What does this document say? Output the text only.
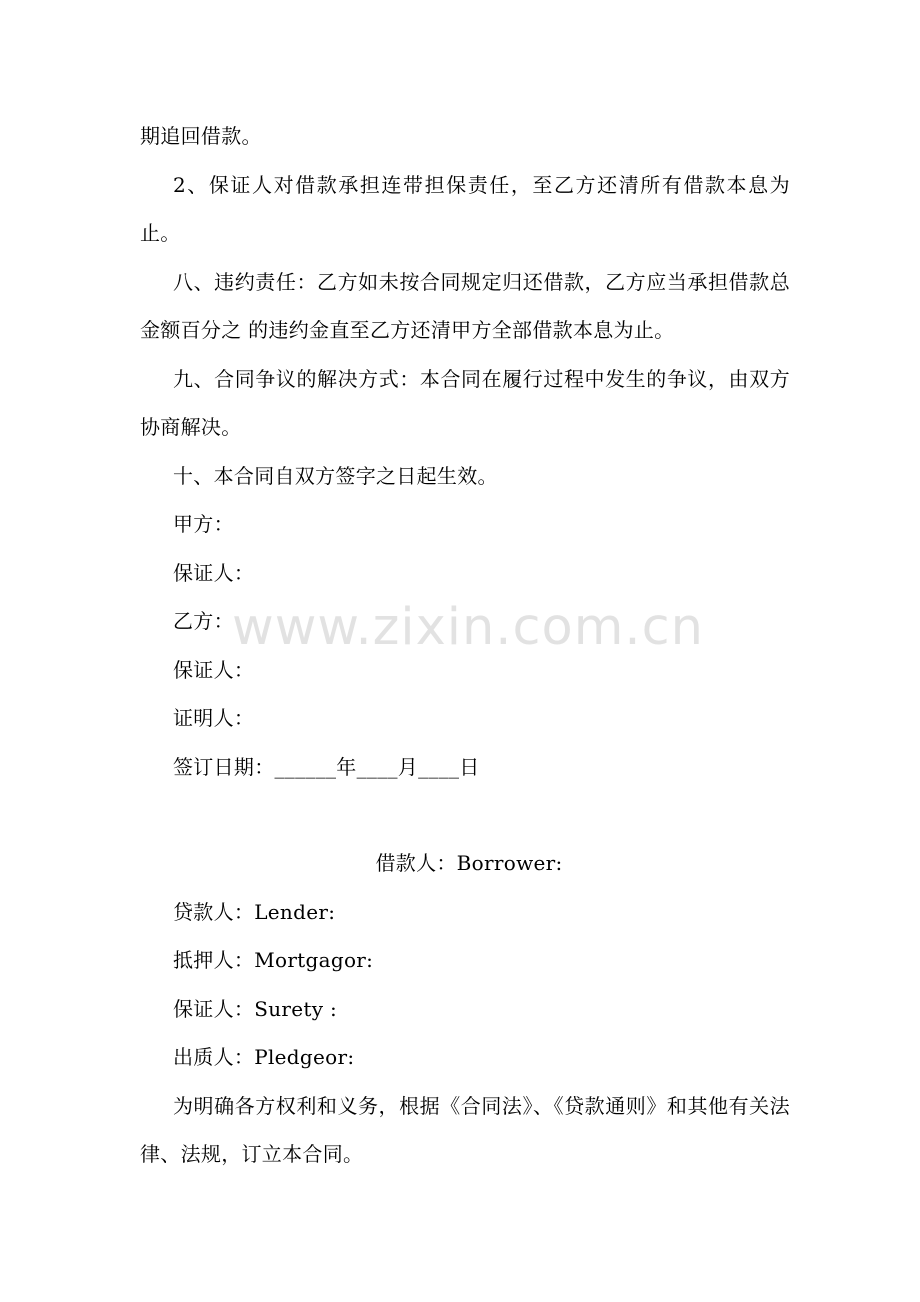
期追回借款。

2、保证人对借款承担连带担保责任，至乙方还清所有借款本息为止。

八、违约责任：乙方如未按合同规定归还借款，乙方应当承担借款总金额百分之 的违约金直至乙方还清甲方全部借款本息为止。

九、合同争议的解决方式：本合同在履行过程中发生的争议，由双方协商解决。

十、本合同自双方签字之日起生效。

甲方：

保证人：

乙方：

保证人：

证明人：

签订日期：______年____月____日

借款人：Borrower:

贷款人：Lender:

抵押人：Mortgagor:

保证人：Surety :

出质人：Pledgeor:

为明确各方权利和义务，根据《合同法》、《贷款通则》和其他有关法律、法规，订立本合同。

www.zixin.com.cn
